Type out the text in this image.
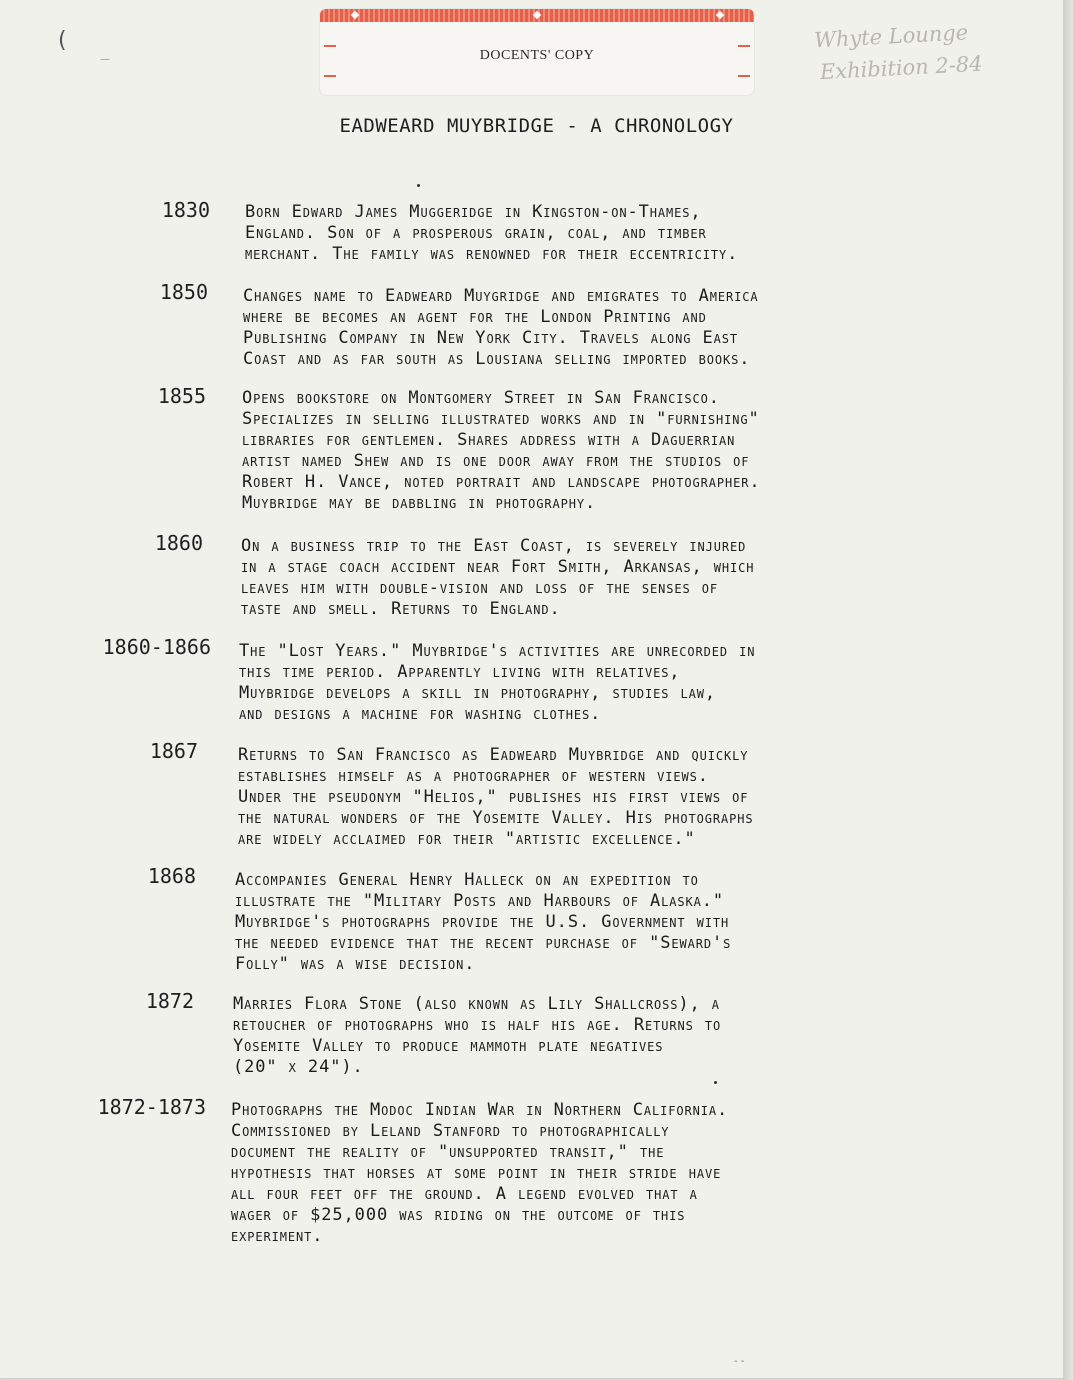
DOCENTS' COPY
Whyte Lounge
Exhibition 2-84
(
—
EADWEARD MUYBRIDGE - A CHRONOLOGY
1830 Born Edward James Muggeridge in Kingston-on-Thames,
England. Son of a prosperous grain, coal, and timber
merchant. The family was renowned for their eccentricity.
1850 Changes name to Eadweard Muygridge and emigrates to America
where be becomes an agent for the London Printing and
Publishing Company in New York City. Travels along East
Coast and as far south as Lousiana selling imported books.
1855 Opens bookstore on Montgomery Street in San Francisco.
Specializes in selling illustrated works and in "furnishing"
libraries for gentlemen. Shares address with a Daguerrian
artist named Shew and is one door away from the studios of
Robert H. Vance, noted portrait and landscape photographer.
Muybridge may be dabbling in photography.
1860 On a business trip to the East Coast, is severely injured
in a stage coach accident near Fort Smith, Arkansas, which
leaves him with double-vision and loss of the senses of
taste and smell. Returns to England.
1860-1866 The "Lost Years." Muybridge's activities are unrecorded in
this time period. Apparently living with relatives,
Muybridge develops a skill in photography, studies law,
and designs a machine for washing clothes.
1867 Returns to San Francisco as Eadweard Muybridge and quickly
establishes himself as a photographer of western views.
Under the pseudonym "Helios," publishes his first views of
the natural wonders of the Yosemite Valley. His photographs
are widely acclaimed for their "artistic excellence."
1868 Accompanies General Henry Halleck on an expedition to
illustrate the "Military Posts and Harbours of Alaska."
Muybridge's photographs provide the U.S. Government with
the needed evidence that the recent purchase of "Seward's
Folly" was a wise decision.
1872 Marries Flora Stone (also known as Lily Shallcross), a
retoucher of photographs who is half his age. Returns to
Yosemite Valley to produce mammoth plate negatives
(20" x 24").
1872-1873 Photographs the Modoc Indian War in Northern California.
Commissioned by Leland Stanford to photographically
document the reality of "unsupported transit," the
hypothesis that horses at some point in their stride have
all four feet off the ground. A legend evolved that a
wager of $25,000 was riding on the outcome of this
experiment.
- -
